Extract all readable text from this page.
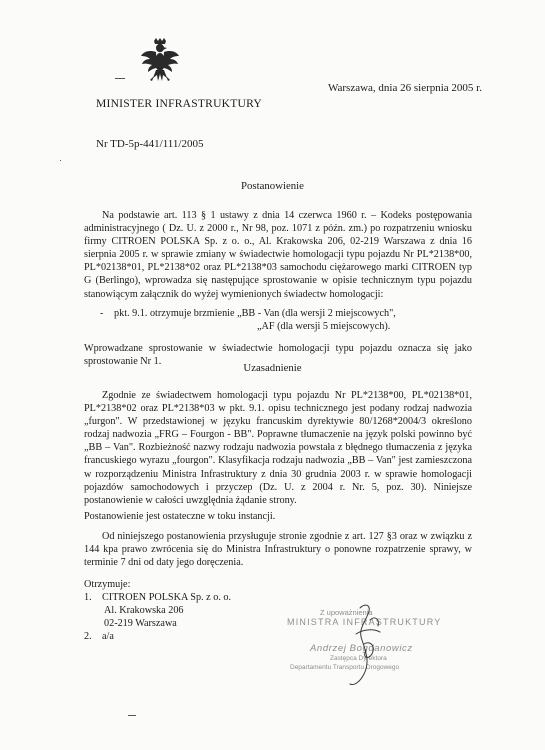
Warszawa, dnia 26 sierpnia 2005 r.
MINISTER INFRASTRUKTURY
Nr TD-5p-441/111/2005
Postanowienie
Na podstawie art. 113 § 1 ustawy z dnia 14 czerwca 1960 r. – Kodeks postępowania administracyjnego ( Dz. U. z 2000 r., Nr 98, poz. 1071 z późn. zm.) po rozpatrzeniu wniosku firmy CITROEN POLSKA Sp. z o. o., Al. Krakowska 206, 02-219 Warszawa z dnia 16 sierpnia 2005 r. w sprawie zmiany w świadectwie homologacji typu pojazdu Nr PL*2138*00, PL*02138*01, PL*2138*02 oraz PL*2138*03 samochodu ciężarowego marki CITROEN typ G (Berlingo), wprowadza się następujące sprostowanie w opisie technicznym typu pojazdu stanowiącym załącznik do wyżej wymienionych świadectw homologacji:
- pkt. 9.1. otrzymuje brzmienie „BB - Van (dla wersji 2 miejscowych",
„AF (dla wersji 5 miejscowych).
Wprowadzane sprostowanie w świadectwie homologacji typu pojazdu oznacza się jako sprostowanie Nr 1.
Uzasadnienie
Zgodnie ze świadectwem homologacji typu pojazdu Nr PL*2138*00, PL*02138*01, PL*2138*02 oraz PL*2138*03 w pkt. 9.1. opisu technicznego jest podany rodzaj nadwozia „furgon". W przedstawionej w języku francuskim dyrektywie 80/1268*2004/3 określono rodzaj nadwozia „FRG – Fourgon - BB". Poprawne tłumaczenie na język polski powinno być „BB – Van". Rozbieżność nazwy rodzaju nadwozia powstała z błędnego tłumaczenia z języka francuskiego wyrazu „fourgon". Klasyfikacja rodzaju nadwozia „BB – Van" jest zamieszczona w rozporządzeniu Ministra Infrastruktury z dnia 30 grudnia 2003 r. w sprawie homologacji pojazdów samochodowych i przyczep (Dz. U. z 2004 r. Nr. 5, poz. 30). Niniejsze postanowienie w całości uwzględnia żądanie strony.
Postanowienie jest ostateczne w toku instancji.
Od niniejszego postanowienia przysługuje stronie zgodnie z art. 127 §3 oraz w związku z 144 kpa prawo zwrócenia się do Ministra Infrastruktury o ponowne rozpatrzenie sprawy, w terminie 7 dni od daty jego doręczenia.
Otrzymuje:
1. CITROEN POLSKA Sp. z o. o.
Al. Krakowska 206
02-219 Warszawa
2. a/a
Z upoważnienia
MINISTRA INFRASTRUKTURY
Andrzej Bogdanowicz
Zastępca Dyrektora
Departamentu Transportu Drogowego
